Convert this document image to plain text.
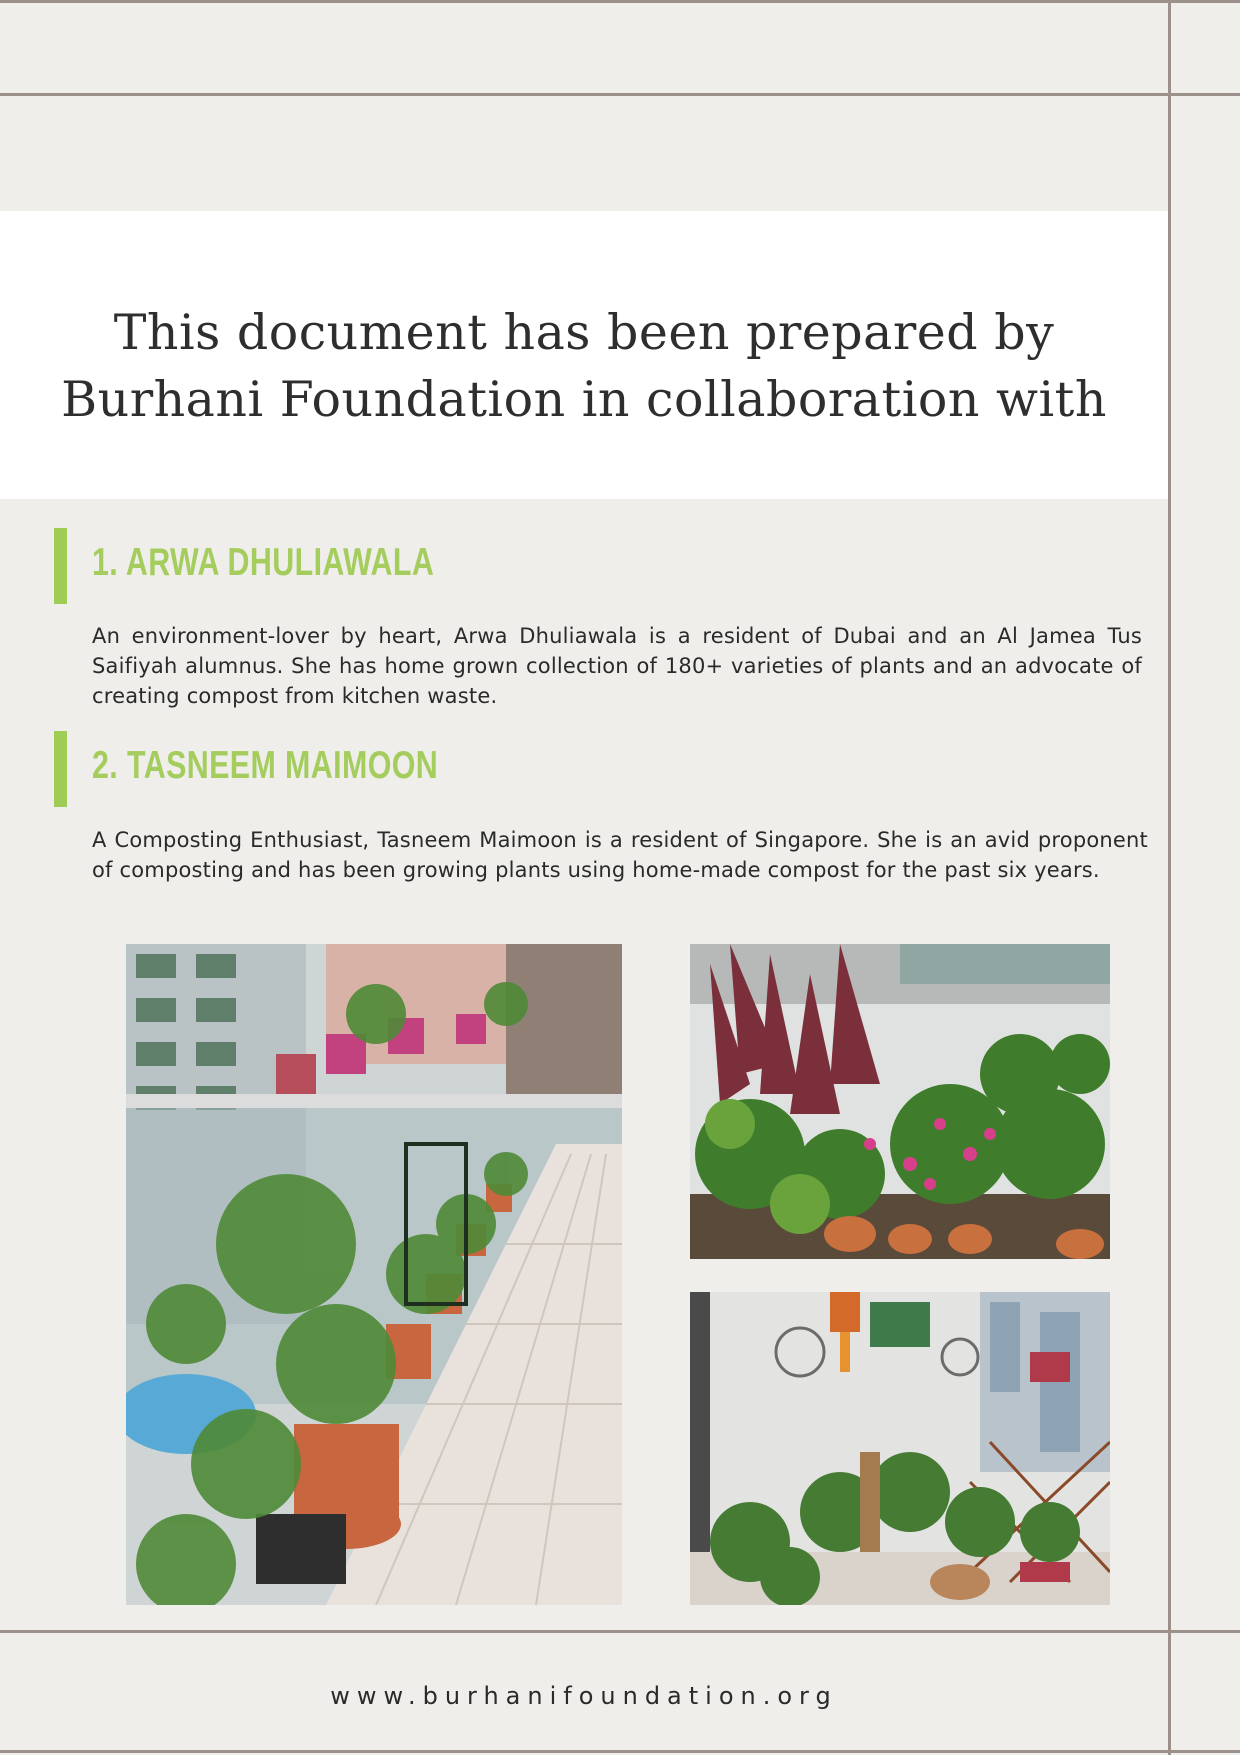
This document has been prepared by Burhani Foundation in collaboration with
1. ARWA DHULIAWALA

An environment-lover by heart, Arwa Dhuliawala is a resident of Dubai and an Al Jamea Tus Saifiyah alumnus. She has home grown collection of 180+ varieties of plants and an advocate of creating compost from kitchen waste.

2. TASNEEM MAIMOON

A Composting Enthusiast, Tasneem Maimoon is a resident of Singapore. She is an avid proponent of composting and has been growing plants using home-made compost for the past six years.

www.burhanifoundation.org
